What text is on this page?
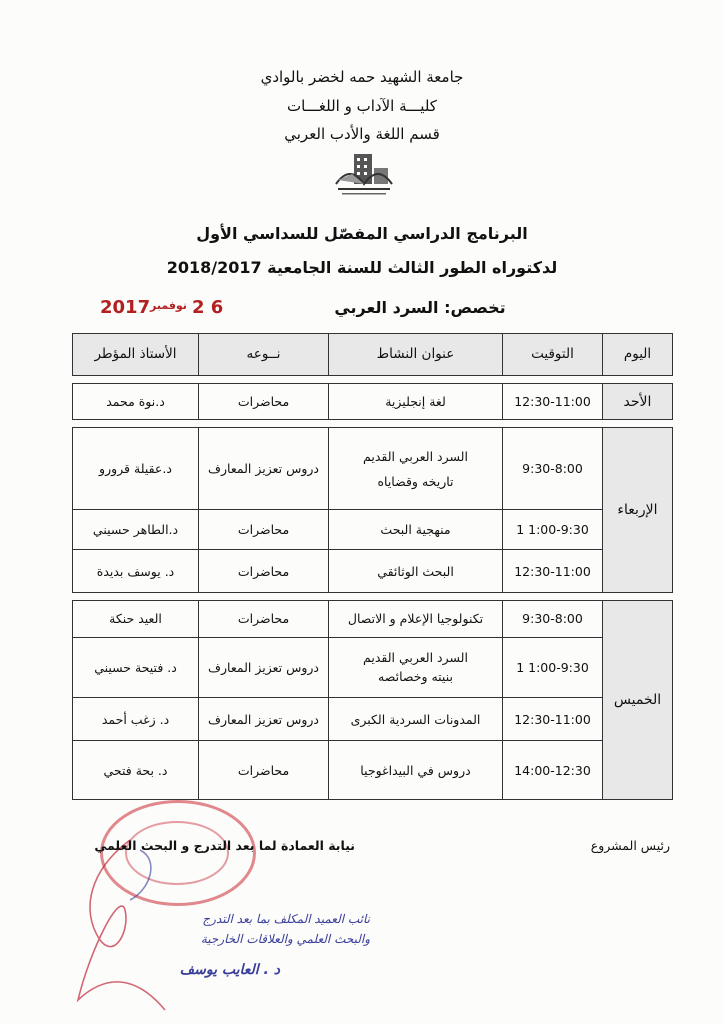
جامعة الشهيد حمه لخضر بالوادي
كليـــة الآداب و اللغـــات
قسم اللغة والأدب العربي
البرنامج الدراسي المفصّل للسداسي الأول
لدكتوراه الطور الثالث للسنة الجامعية 2018/2017
تخصص: السرد العربي
2017 نوفمبر 2 6
اليوم	التوقيت	عنوان النشاط	نــوعه	الأستاذ المؤطر

الأحد	12:30-11:00	لغة إنجليزية	محاضرات	د.نوة محمد

الإربعاء	9:30-8:00	السرد العربي القديم
تاريخه وقضاياه	دروس تعزيز المعارف	د.عقيلة قرورو
	1 1:00-9:30	منهجية البحث	محاضرات	د.الطاهر حسيني
	12:30-11:00	البحث الوثائقي	محاضرات	د. يوسف بديدة

الخميس	9:30-8:00	تكنولوجيا الإعلام و الاتصال	محاضرات	العيد حنكة
	1 1:00-9:30	السرد العربي القديم
بنيته وخصائصه	دروس تعزيز المعارف	د. فتيحة حسيني
	12:30-11:00	المدونات السردية الكبرى	دروس تعزيز المعارف	د. زغب أحمد
	14:00-12:30	دروس في البيداغوجيا	محاضرات	د. بحة فتحي
نيابة العمادة لما بعد التدرج و البحث العلمي	رئيس المشروع
نائب العميد المكلف بما بعد التدرج
والبحث العلمي والعلاقات الخارجية
د . العايب يوسف
